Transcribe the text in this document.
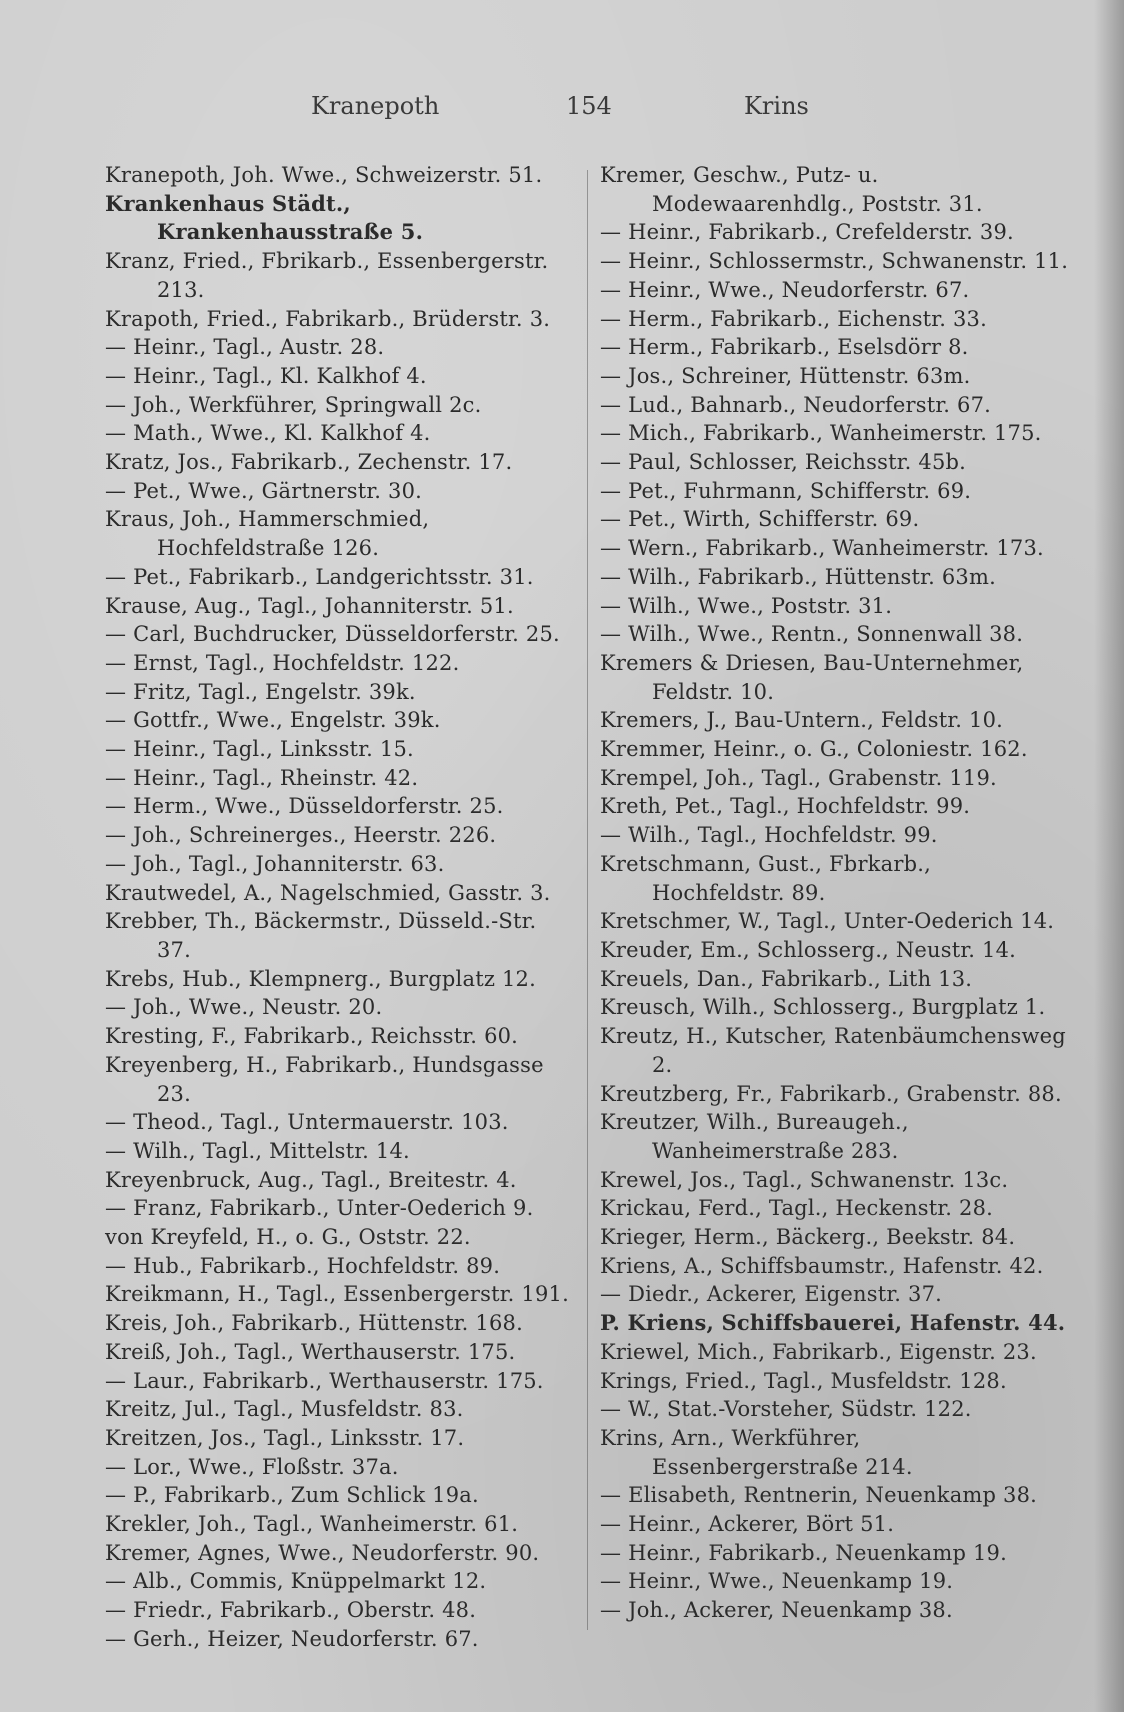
Kranepoth	154	Krins
Kranepoth, Joh. Wwe., Schweizerstr. 51.
Krankenhaus Städt., Krankenhausstraße 5.
Kranz, Fried., Fbrikarb., Essenbergerstr. 213.
Krapoth, Fried., Fabrikarb., Brüderstr. 3.
— Heinr., Tagl., Austr. 28.
— Heinr., Tagl., Kl. Kalkhof 4.
— Joh., Werkführer, Springwall 2c.
— Math., Wwe., Kl. Kalkhof 4.
Kratz, Jos., Fabrikarb., Zechenstr. 17.
— Pet., Wwe., Gärtnerstr. 30.
Kraus, Joh., Hammerschmied, Hochfeldstraße 126.
— Pet., Fabrikarb., Landgerichtsstr. 31.
Krause, Aug., Tagl., Johanniterstr. 51.
— Carl, Buchdrucker, Düsseldorferstr. 25.
— Ernst, Tagl., Hochfeldstr. 122.
— Fritz, Tagl., Engelstr. 39k.
— Gottfr., Wwe., Engelstr. 39k.
— Heinr., Tagl., Linksstr. 15.
— Heinr., Tagl., Rheinstr. 42.
— Herm., Wwe., Düsseldorferstr. 25.
— Joh., Schreinerges., Heerstr. 226.
— Joh., Tagl., Johanniterstr. 63.
Krautwedel, A., Nagelschmied, Gasstr. 3.
Krebber, Th., Bäckermstr., Düsseld.-Str. 37.
Krebs, Hub., Klempnerg., Burgplatz 12.
— Joh., Wwe., Neustr. 20.
Kresting, F., Fabrikarb., Reichsstr. 60.
Kreyenberg, H., Fabrikarb., Hundsgasse 23.
— Theod., Tagl., Untermauerstr. 103.
— Wilh., Tagl., Mittelstr. 14.
Kreyenbruck, Aug., Tagl., Breitestr. 4.
— Franz, Fabrikarb., Unter-Oederich 9.
von Kreyfeld, H., o. G., Oststr. 22.
— Hub., Fabrikarb., Hochfeldstr. 89.
Kreikmann, H., Tagl., Essenbergerstr. 191.
Kreis, Joh., Fabrikarb., Hüttenstr. 168.
Kreiß, Joh., Tagl., Werthauserstr. 175.
— Laur., Fabrikarb., Werthauserstr. 175.
Kreitz, Jul., Tagl., Musfeldstr. 83.
Kreitzen, Jos., Tagl., Linksstr. 17.
— Lor., Wwe., Floßstr. 37a.
— P., Fabrikarb., Zum Schlick 19a.
Krekler, Joh., Tagl., Wanheimerstr. 61.
Kremer, Agnes, Wwe., Neudorferstr. 90.
— Alb., Commis, Knüppelmarkt 12.
— Friedr., Fabrikarb., Oberstr. 48.
— Gerh., Heizer, Neudorferstr. 67.
Kremer, Geschw., Putz- u. Modewaarenhdlg., Poststr. 31.
— Heinr., Fabrikarb., Crefelderstr. 39.
— Heinr., Schlossermstr., Schwanenstr. 11.
— Heinr., Wwe., Neudorferstr. 67.
— Herm., Fabrikarb., Eichenstr. 33.
— Herm., Fabrikarb., Eselsdörr 8.
— Jos., Schreiner, Hüttenstr. 63m.
— Lud., Bahnarb., Neudorferstr. 67.
— Mich., Fabrikarb., Wanheimerstr. 175.
— Paul, Schlosser, Reichsstr. 45b.
— Pet., Fuhrmann, Schifferstr. 69.
— Pet., Wirth, Schifferstr. 69.
— Wern., Fabrikarb., Wanheimerstr. 173.
— Wilh., Fabrikarb., Hüttenstr. 63m.
— Wilh., Wwe., Poststr. 31.
— Wilh., Wwe., Rentn., Sonnenwall 38.
Kremers & Driesen, Bau-Unternehmer, Feldstr. 10.
Kremers, J., Bau-Untern., Feldstr. 10.
Kremmer, Heinr., o. G., Coloniestr. 162.
Krempel, Joh., Tagl., Grabenstr. 119.
Kreth, Pet., Tagl., Hochfeldstr. 99.
— Wilh., Tagl., Hochfeldstr. 99.
Kretschmann, Gust., Fbrkarb., Hochfeldstr. 89.
Kretschmer, W., Tagl., Unter-Oederich 14.
Kreuder, Em., Schlosserg., Neustr. 14.
Kreuels, Dan., Fabrikarb., Lith 13.
Kreusch, Wilh., Schlosserg., Burgplatz 1.
Kreutz, H., Kutscher, Ratenbäumchensweg 2.
Kreutzberg, Fr., Fabrikarb., Grabenstr. 88.
Kreutzer, Wilh., Bureaugeh., Wanheimerstraße 283.
Krewel, Jos., Tagl., Schwanenstr. 13c.
Krickau, Ferd., Tagl., Heckenstr. 28.
Krieger, Herm., Bäckerg., Beekstr. 84.
Kriens, A., Schiffsbaumstr., Hafenstr. 42.
— Diedr., Ackerer, Eigenstr. 37.
P. Kriens, Schiffsbauerei, Hafenstr. 44.
Kriewel, Mich., Fabrikarb., Eigenstr. 23.
Krings, Fried., Tagl., Musfeldstr. 128.
— W., Stat.-Vorsteher, Südstr. 122.
Krins, Arn., Werkführer, Essenbergerstraße 214.
— Elisabeth, Rentnerin, Neuenkamp 38.
— Heinr., Ackerer, Bört 51.
— Heinr., Fabrikarb., Neuenkamp 19.
— Heinr., Wwe., Neuenkamp 19.
— Joh., Ackerer, Neuenkamp 38.
